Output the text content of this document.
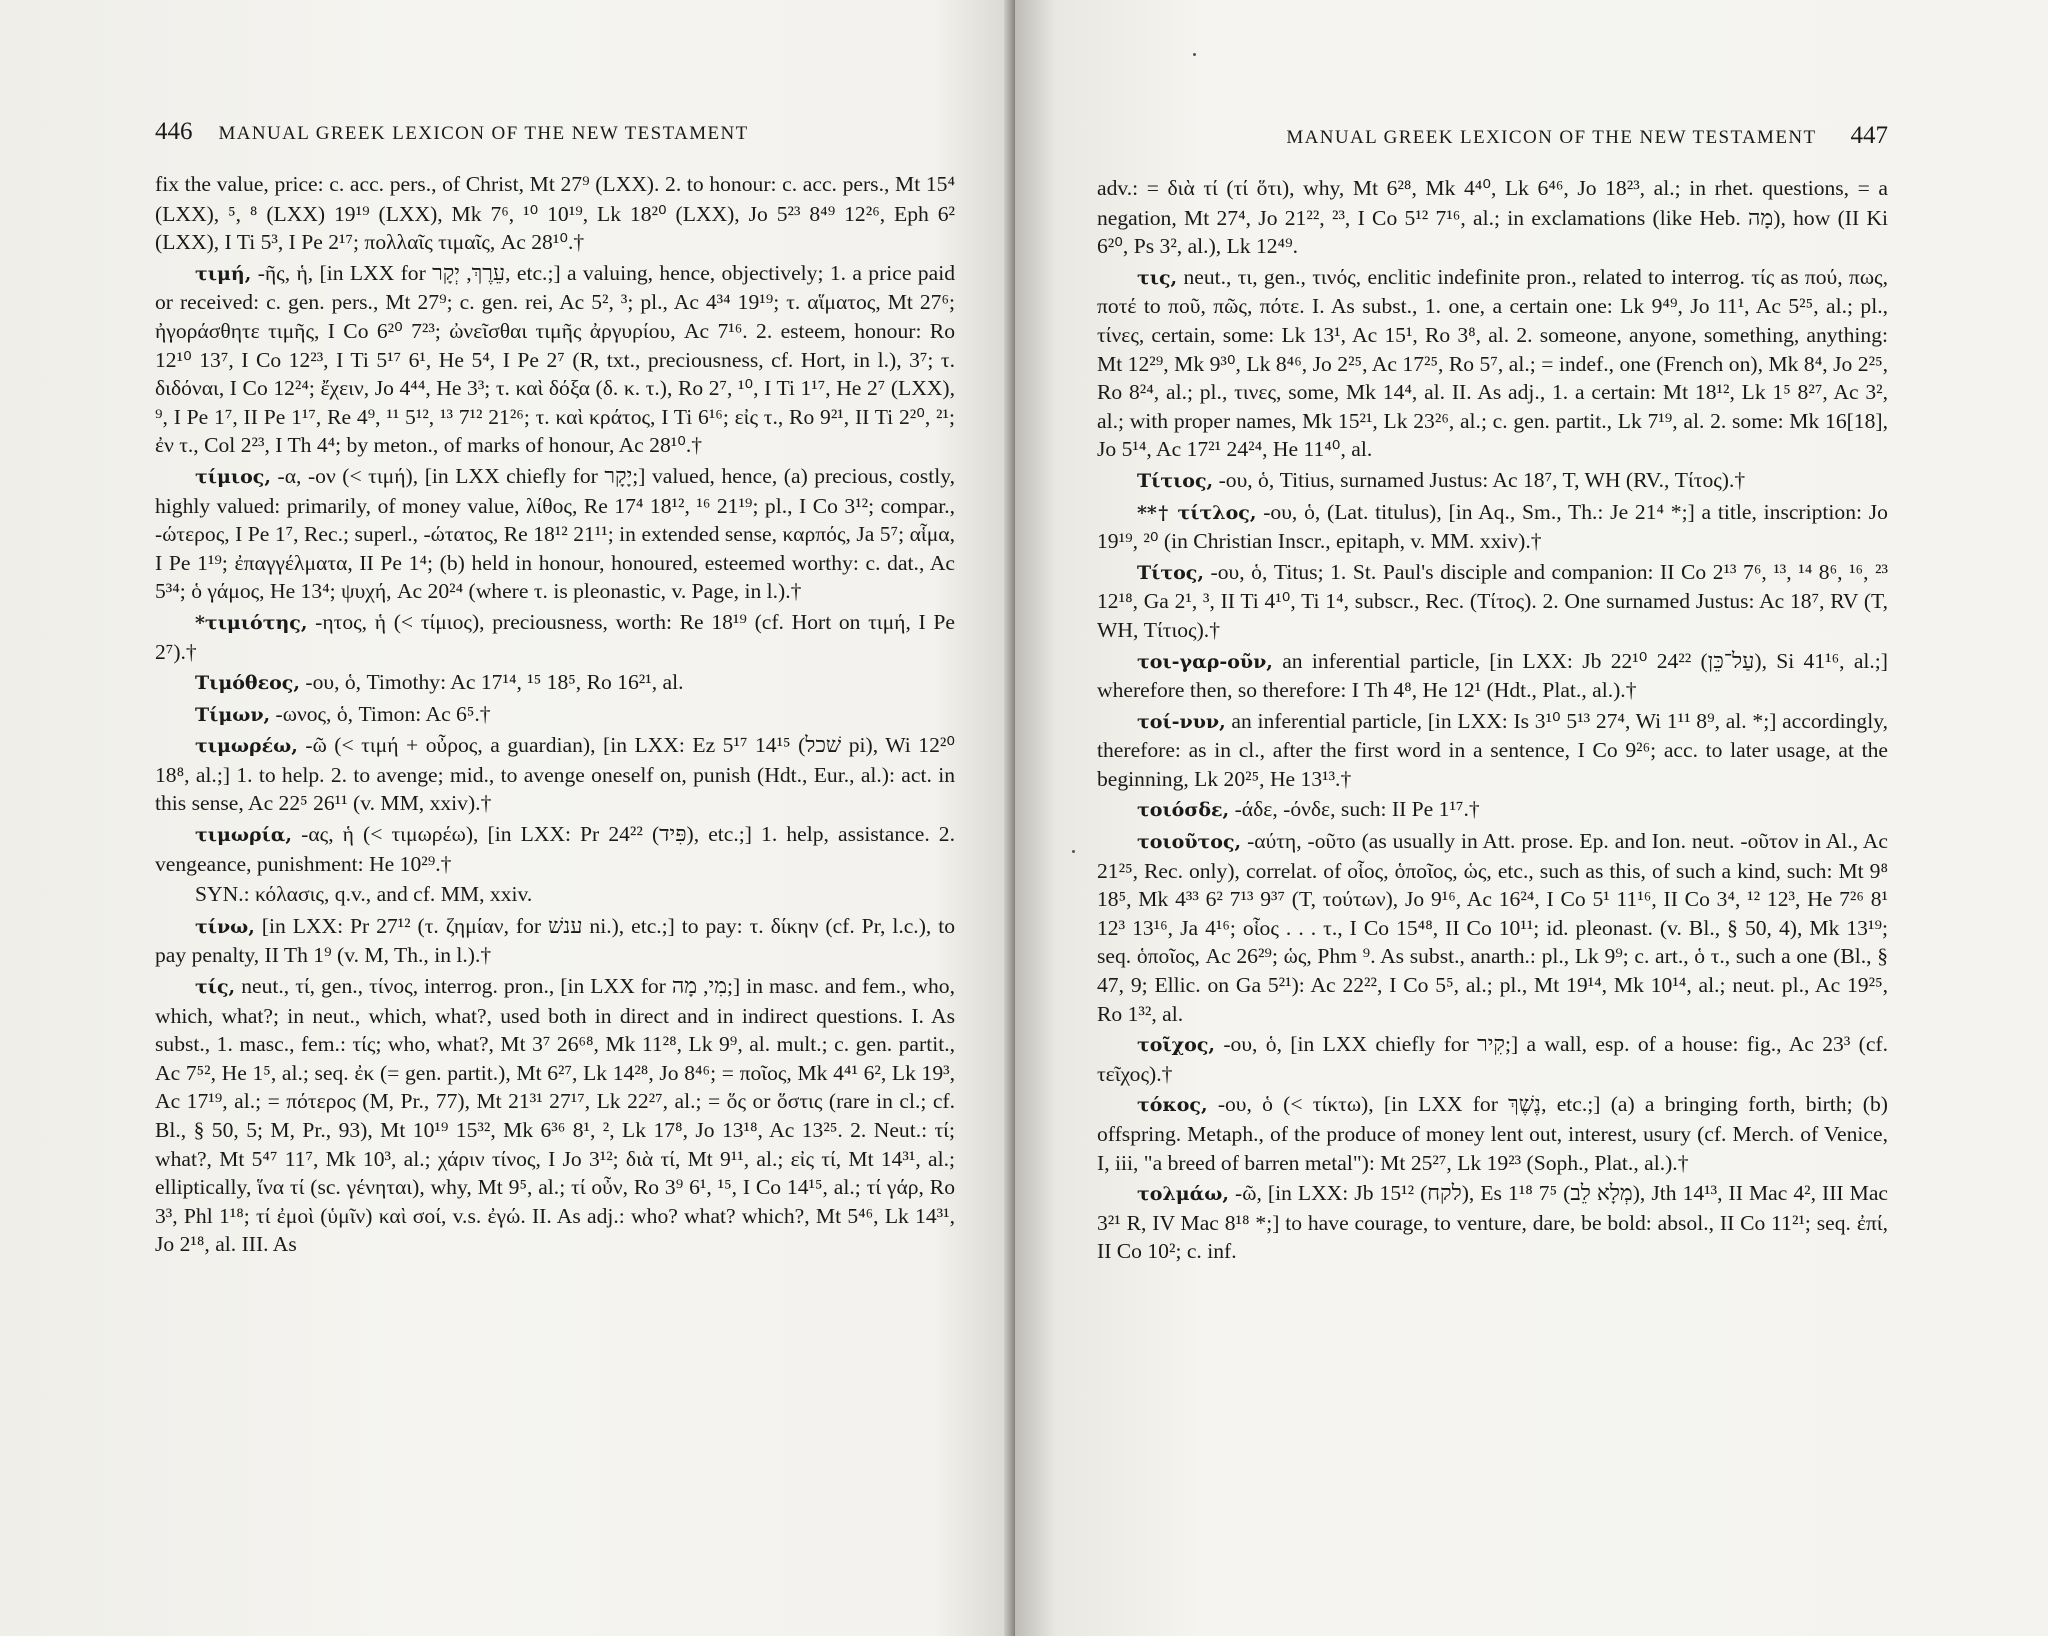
446	MANUAL GREEK LEXICON OF THE NEW TESTAMENT

fix the value, price: c. acc. pers., of Christ, Mt 27⁹ (LXX). 2. to honour: c. acc. pers., Mt 15⁴ (LXX), ⁵, ⁸ (LXX) 19¹⁹ (LXX), Mk 7⁶, ¹⁰ 10¹⁹, Lk 18²⁰ (LXX), Jo 5²³ 8⁴⁹ 12²⁶, Eph 6² (LXX), I Ti 5³, I Pe 2¹⁷; πολλαῖς τιμαῖς, Ac 28¹⁰.†

τιμή, -ῆς, ἡ, [in LXX for עֵרֶךְ, יְקָר, etc.;] a valuing, hence, objectively; 1. a price paid or received: c. gen. pers., Mt 27⁹; c. gen. rei, Ac 5², ³; pl., Ac 4³⁴ 19¹⁹; τ. αἵματος, Mt 27⁶; ἠγοράσθητε τιμῆς, I Co 6²⁰ 7²³; ὠνεῖσθαι τιμῆς ἀργυρίου, Ac 7¹⁶. 2. esteem, honour: Ro 12¹⁰ 13⁷, I Co 12²³, I Ti 5¹⁷ 6¹, He 5⁴, I Pe 2⁷ (R, txt., preciousness, cf. Hort, in l.), 3⁷; τ. διδόναι, I Co 12²⁴; ἔχειν, Jo 4⁴⁴, He 3³; τ. καὶ δόξα (δ. κ. τ.), Ro 2⁷, ¹⁰, I Ti 1¹⁷, He 2⁷ (LXX), ⁹, I Pe 1⁷, II Pe 1¹⁷, Re 4⁹, ¹¹ 5¹², ¹³ 7¹² 21²⁶; τ. καὶ κράτος, I Ti 6¹⁶; εἰς τ., Ro 9²¹, II Ti 2²⁰, ²¹; ἐν τ., Col 2²³, I Th 4⁴; by meton., of marks of honour, Ac 28¹⁰.†

τίμιος, -α, -ον (< τιμή), [in LXX chiefly for יָקָר;] valued, hence, (a) precious, costly, highly valued: primarily, of money value, λίθος, Re 17⁴ 18¹², ¹⁶ 21¹⁹; pl., I Co 3¹²; compar., -ώτερος, I Pe 1⁷, Rec.; superl., -ώτατος, Re 18¹² 21¹¹; in extended sense, καρπός, Ja 5⁷; αἷμα, I Pe 1¹⁹; ἐπαγγέλματα, II Pe 1⁴; (b) held in honour, honoured, esteemed worthy: c. dat., Ac 5³⁴; ὁ γάμος, He 13⁴; ψυχή, Ac 20²⁴ (where τ. is pleonastic, v. Page, in l.).†

*τιμιότης, -ητος, ἡ (< τίμιος), preciousness, worth: Re 18¹⁹ (cf. Hort on τιμή, I Pe 2⁷).†

Τιμόθεος, -ου, ὁ, Timothy: Ac 17¹⁴, ¹⁵ 18⁵, Ro 16²¹, al.

Τίμων, -ωνος, ὁ, Timon: Ac 6⁵.†

τιμωρέω, -ῶ (< τιμή + οὖρος, a guardian), [in LXX: Ez 5¹⁷ 14¹⁵ (שׁכל pi), Wi 12²⁰ 18⁸, al.;] 1. to help. 2. to avenge; mid., to avenge oneself on, punish (Hdt., Eur., al.): act. in this sense, Ac 22⁵ 26¹¹ (v. MM, xxiv).†

τιμωρία, -ας, ἡ (< τιμωρέω), [in LXX: Pr 24²² (פִּיד), etc.;] 1. help, assistance. 2. vengeance, punishment: He 10²⁹.†

SYN.: κόλασις, q.v., and cf. MM, xxiv.

τίνω, [in LXX: Pr 27¹² (τ. ζημίαν, for ענשׁ ni.), etc.;] to pay: τ. δίκην (cf. Pr, l.c.), to pay penalty, II Th 1⁹ (v. M, Th., in l.).†

τίς, neut., τί, gen., τίνος, interrog. pron., [in LXX for מִי, מָה;] in masc. and fem., who, which, what?; in neut., which, what?, used both in direct and in indirect questions. I. As subst., 1. masc., fem.: τίς; who, what?, Mt 3⁷ 26⁶⁸, Mk 11²⁸, Lk 9⁹, al. mult.; c. gen. partit., Ac 7⁵², He 1⁵, al.; seq. ἐκ (= gen. partit.), Mt 6²⁷, Lk 14²⁸, Jo 8⁴⁶; = ποῖος, Mk 4⁴¹ 6², Lk 19³, Ac 17¹⁹, al.; = πότερος (M, Pr., 77), Mt 21³¹ 27¹⁷, Lk 22²⁷, al.; = ὅς or ὅστις (rare in cl.; cf. Bl., § 50, 5; M, Pr., 93), Mt 10¹⁹ 15³², Mk 6³⁶ 8¹, ², Lk 17⁸, Jo 13¹⁸, Ac 13²⁵. 2. Neut.: τί; what?, Mt 5⁴⁷ 11⁷, Mk 10³, al.; χάριν τίνος, I Jo 3¹²; διὰ τί, Mt 9¹¹, al.; εἰς τί, Mt 14³¹, al.; elliptically, ἵνα τί (sc. γένηται), why, Mt 9⁵, al.; τί οὖν, Ro 3⁹ 6¹, ¹⁵, I Co 14¹⁵, al.; τί γάρ, Ro 3³, Phl 1¹⁸; τί ἐμοὶ (ὑμῖν) καὶ σοί, v.s. ἐγώ. II. As adj.: who? what? which?, Mt 5⁴⁶, Lk 14³¹, Jo 2¹⁸, al. III. As

MANUAL GREEK LEXICON OF THE NEW TESTAMENT	447

adv.: = διὰ τί (τί ὅτι), why, Mt 6²⁸, Mk 4⁴⁰, Lk 6⁴⁶, Jo 18²³, al.; in rhet. questions, = a negation, Mt 27⁴, Jo 21²², ²³, I Co 5¹² 7¹⁶, al.; in exclamations (like Heb. מָה), how (II Ki 6²⁰, Ps 3², al.), Lk 12⁴⁹.

τις, neut., τι, gen., τινός, enclitic indefinite pron., related to interrog. τίς as πού, πως, ποτέ to ποῦ, πῶς, πότε. I. As subst., 1. one, a certain one: Lk 9⁴⁹, Jo 11¹, Ac 5²⁵, al.; pl., τίνες, certain, some: Lk 13¹, Ac 15¹, Ro 3⁸, al. 2. someone, anyone, something, anything: Mt 12²⁹, Mk 9³⁰, Lk 8⁴⁶, Jo 2²⁵, Ac 17²⁵, Ro 5⁷, al.; = indef., one (French on), Mk 8⁴, Jo 2²⁵, Ro 8²⁴, al.; pl., τινες, some, Mk 14⁴, al. II. As adj., 1. a certain: Mt 18¹², Lk 1⁵ 8²⁷, Ac 3², al.; with proper names, Mk 15²¹, Lk 23²⁶, al.; c. gen. partit., Lk 7¹⁹, al. 2. some: Mk 16[18], Jo 5¹⁴, Ac 17²¹ 24²⁴, He 11⁴⁰, al.

Τίτιος, -ου, ὁ, Titius, surnamed Justus: Ac 18⁷, T, WH (RV., Τίτος).†

**† τίτλος, -ου, ὁ, (Lat. titulus), [in Aq., Sm., Th.: Je 21⁴ *;] a title, inscription: Jo 19¹⁹, ²⁰ (in Christian Inscr., epitaph, v. MM. xxiv).†

Τίτος, -ου, ὁ, Titus; 1. St. Paul's disciple and companion: II Co 2¹³ 7⁶, ¹³, ¹⁴ 8⁶, ¹⁶, ²³ 12¹⁸, Ga 2¹, ³, II Ti 4¹⁰, Ti 1⁴, subscr., Rec. (Τίτος). 2. One surnamed Justus: Ac 18⁷, RV (T, WH, Τίτιος).†

τοι-γαρ-οῦν, an inferential particle, [in LXX: Jb 22¹⁰ 24²² (עַל־כֵּן), Si 41¹⁶, al.;] wherefore then, so therefore: I Th 4⁸, He 12¹ (Hdt., Plat., al.).†

τοί-νυν, an inferential particle, [in LXX: Is 3¹⁰ 5¹³ 27⁴, Wi 1¹¹ 8⁹, al. *;] accordingly, therefore: as in cl., after the first word in a sentence, I Co 9²⁶; acc. to later usage, at the beginning, Lk 20²⁵, He 13¹³.†

τοιόσδε, -άδε, -όνδε, such: II Pe 1¹⁷.†

τοιοῦτος, -αύτη, -οῦτο (as usually in Att. prose. Ep. and Ion. neut. -οῦτον in Al., Ac 21²⁵, Rec. only), correlat. of οἷος, ὁποῖος, ὡς, etc., such as this, of such a kind, such: Mt 9⁸ 18⁵, Mk 4³³ 6² 7¹³ 9³⁷ (T, τούτων), Jo 9¹⁶, Ac 16²⁴, I Co 5¹ 11¹⁶, II Co 3⁴, ¹² 12³, He 7²⁶ 8¹ 12³ 13¹⁶, Ja 4¹⁶; οἷος . . . τ., I Co 15⁴⁸, II Co 10¹¹; id. pleonast. (v. Bl., § 50, 4), Mk 13¹⁹; seq. ὁποῖος, Ac 26²⁹; ὡς, Phm ⁹. As subst., anarth.: pl., Lk 9⁹; c. art., ὁ τ., such a one (Bl., § 47, 9; Ellic. on Ga 5²¹): Ac 22²², I Co 5⁵, al.; pl., Mt 19¹⁴, Mk 10¹⁴, al.; neut. pl., Ac 19²⁵, Ro 1³², al.

τοῖχος, -ου, ὁ, [in LXX chiefly for קִיר;] a wall, esp. of a house: fig., Ac 23³ (cf. τεῖχος).†

τόκος, -ου, ὁ (< τίκτω), [in LXX for נֶשֶׁךְ, etc.;] (a) a bringing forth, birth; (b) offspring. Metaph., of the produce of money lent out, interest, usury (cf. Merch. of Venice, I, iii, "a breed of barren metal"): Mt 25²⁷, Lk 19²³ (Soph., Plat., al.).†

τολμάω, -ῶ, [in LXX: Jb 15¹² (לקח), Es 1¹⁸ 7⁵ (מְלָא לֵב), Jth 14¹³, II Mac 4², III Mac 3²¹ R, IV Mac 8¹⁸ *;] to have courage, to venture, dare, be bold: absol., II Co 11²¹; seq. ἐπί, II Co 10²; c. inf.
